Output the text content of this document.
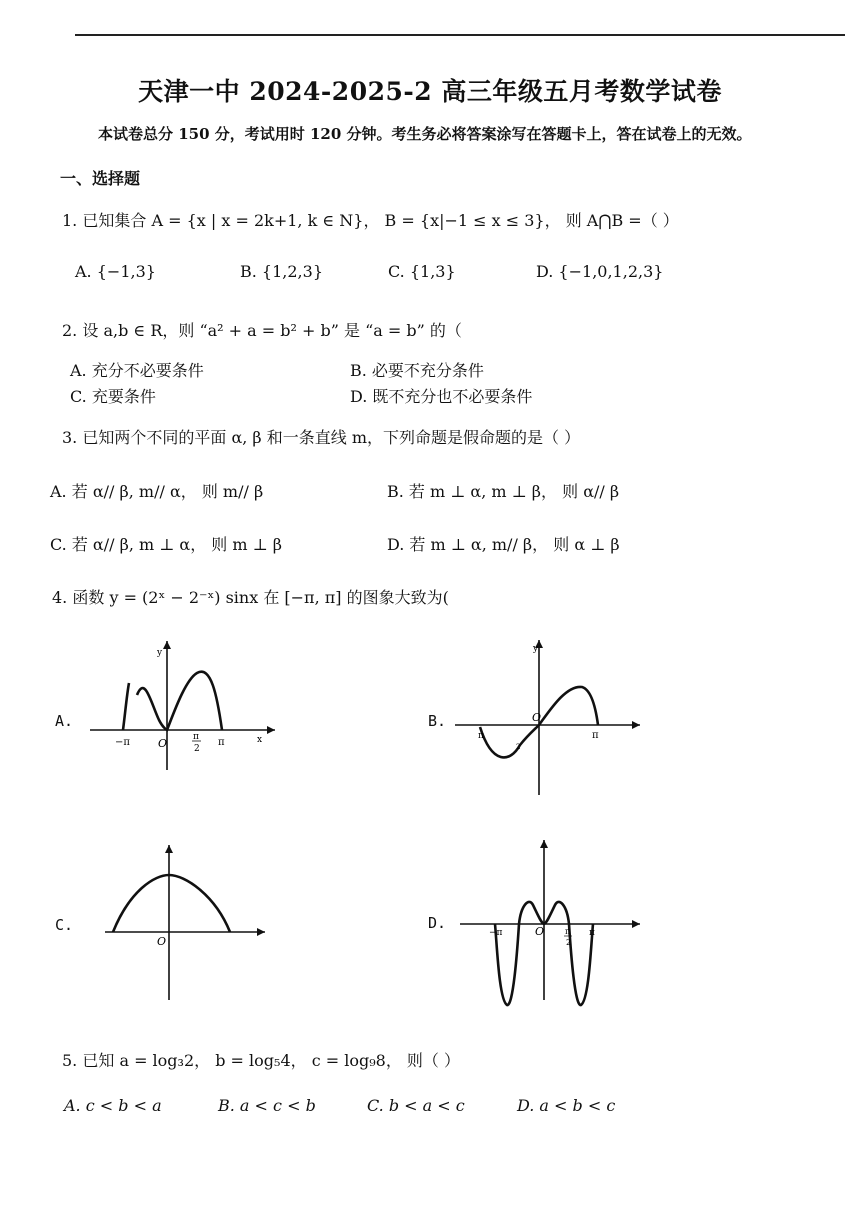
天津一中 2024-2025-2 高三年级五月考数学试卷
本试卷总分 150 分，考试用时 120 分钟。考生务必将答案涂写在答题卡上，答在试卷上的无效。
一、选择题
1. 已知集合 A = {x | x = 2k+1, k ∈ N}， B = {x|−1 ≤ x ≤ 3}， 则 A⋂B =（ ）
A. {−1,3}	B. {1,2,3}	C. {1,3}	D. {−1,0,1,2,3}
2. 设 a,b ∈ R，则 “a² + a = b² + b” 是 “a = b” 的（
A. 充分不必要条件	B. 必要不充分条件
C. 充要条件	D. 既不充分也不必要条件
3. 已知两个不同的平面 α, β 和一条直线 m，下列命题是假命题的是（ ）
A. 若 α// β, m// α， 则 m// β	B. 若 m ⊥ α, m ⊥ β， 则 α// β
C. 若 α// β, m ⊥ α， 则 m ⊥ β	D. 若 m ⊥ α, m// β， 则 α ⊥ β
4. 函数 y = (2ˣ − 2⁻ˣ) sinx 在 [−π, π] 的图象大致为(
A.	B.
C.	D.
O
y
x
−π	π
π
2
O
y
π	π
2
O
O
−π	π
π
2
5. 已知 a = log₃2， b = log₅4， c = log₉8， 则（ ）
A. c < b < a	B. a < c < b	C. b < a < c	D. a < b < c
